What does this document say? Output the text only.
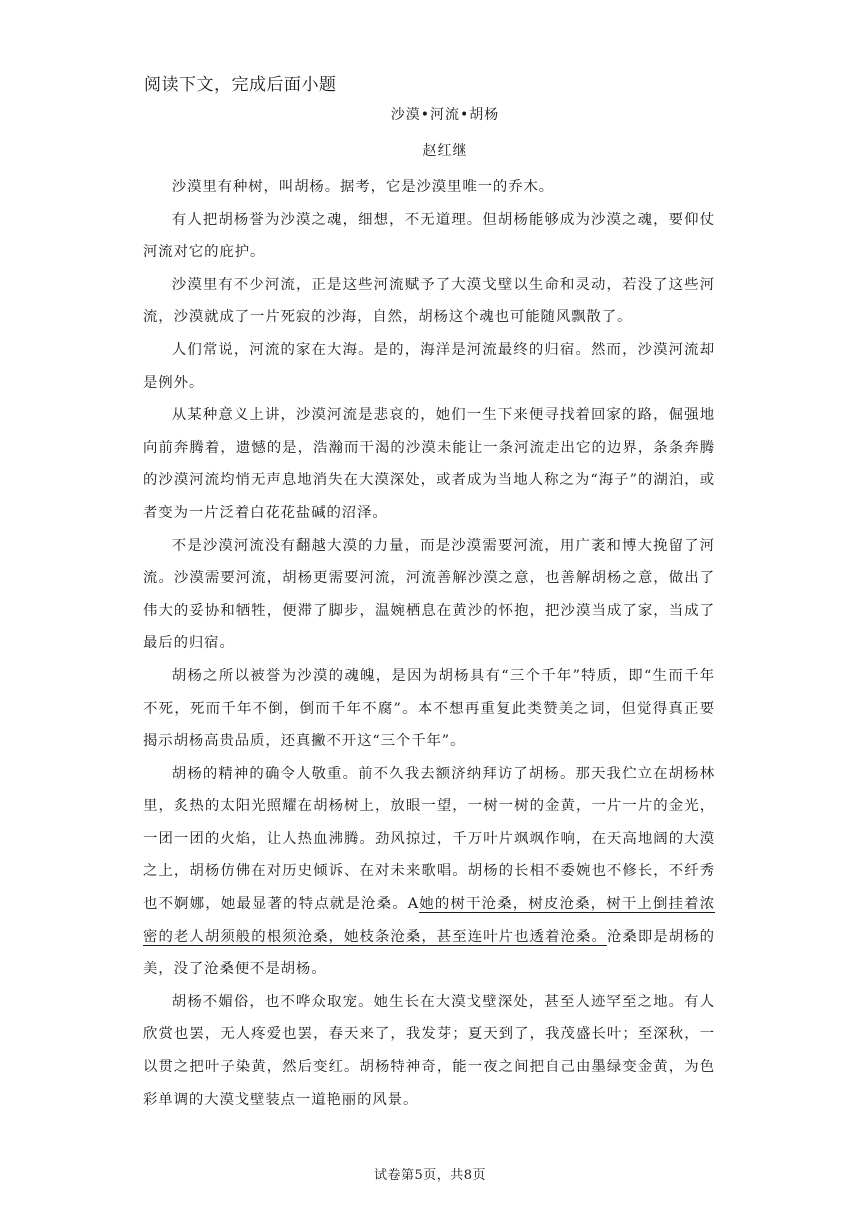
阅读下文，完成后面小题
沙漠•河流•胡杨
赵红继

沙漠里有种树，叫胡杨。据考，它是沙漠里唯一的乔木。

有人把胡杨誉为沙漠之魂，细想，不无道理。但胡杨能够成为沙漠之魂，要仰仗河流对它的庇护。

沙漠里有不少河流，正是这些河流赋予了大漠戈壁以生命和灵动，若没了这些河流，沙漠就成了一片死寂的沙海，自然，胡杨这个魂也可能随风飘散了。

人们常说，河流的家在大海。是的，海洋是河流最终的归宿。然而，沙漠河流却是例外。

从某种意义上讲，沙漠河流是悲哀的，她们一生下来便寻找着回家的路，倔强地向前奔腾着，遗憾的是，浩瀚而干渴的沙漠未能让一条河流走出它的边界，条条奔腾的沙漠河流均悄无声息地消失在大漠深处，或者成为当地人称之为“海子”的湖泊，或者变为一片泛着白花花盐碱的沼泽。

不是沙漠河流没有翻越大漠的力量，而是沙漠需要河流，用广袤和博大挽留了河流。沙漠需要河流，胡杨更需要河流，河流善解沙漠之意，也善解胡杨之意，做出了伟大的妥协和牺牲，便滞了脚步，温婉栖息在黄沙的怀抱，把沙漠当成了家，当成了最后的归宿。

胡杨之所以被誉为沙漠的魂魄，是因为胡杨具有“三个千年”特质，即“生而千年不死，死而千年不倒，倒而千年不腐”。本不想再重复此类赞美之词，但觉得真正要揭示胡杨高贵品质，还真撇不开这“三个千年”。

胡杨的精神的确令人敬重。前不久我去额济纳拜访了胡杨。那天我伫立在胡杨林里，炙热的太阳光照耀在胡杨树上，放眼一望，一树一树的金黄，一片一片的金光，一团一团的火焰，让人热血沸腾。劲风掠过，千万叶片飒飒作响，在天高地阔的大漠之上，胡杨仿佛在对历史倾诉、在对未来歌唱。胡杨的长相不委婉也不修长，不纤秀也不婀娜，她最显著的特点就是沧桑。A她的树干沧桑，树皮沧桑，树干上倒挂着浓密的老人胡须般的根须沧桑，她枝条沧桑，甚至连叶片也透着沧桑。沧桑即是胡杨的美，没了沧桑便不是胡杨。

胡杨不媚俗，也不哗众取宠。她生长在大漠戈壁深处，甚至人迹罕至之地。有人欣赏也罢，无人疼爱也罢，春天来了，我发芽；夏天到了，我茂盛长叶；至深秋，一以贯之把叶子染黄，然后变红。胡杨特神奇，能一夜之间把自己由墨绿变金黄，为色彩单调的大漠戈壁装点一道艳丽的风景。

试卷第5页，共8页
